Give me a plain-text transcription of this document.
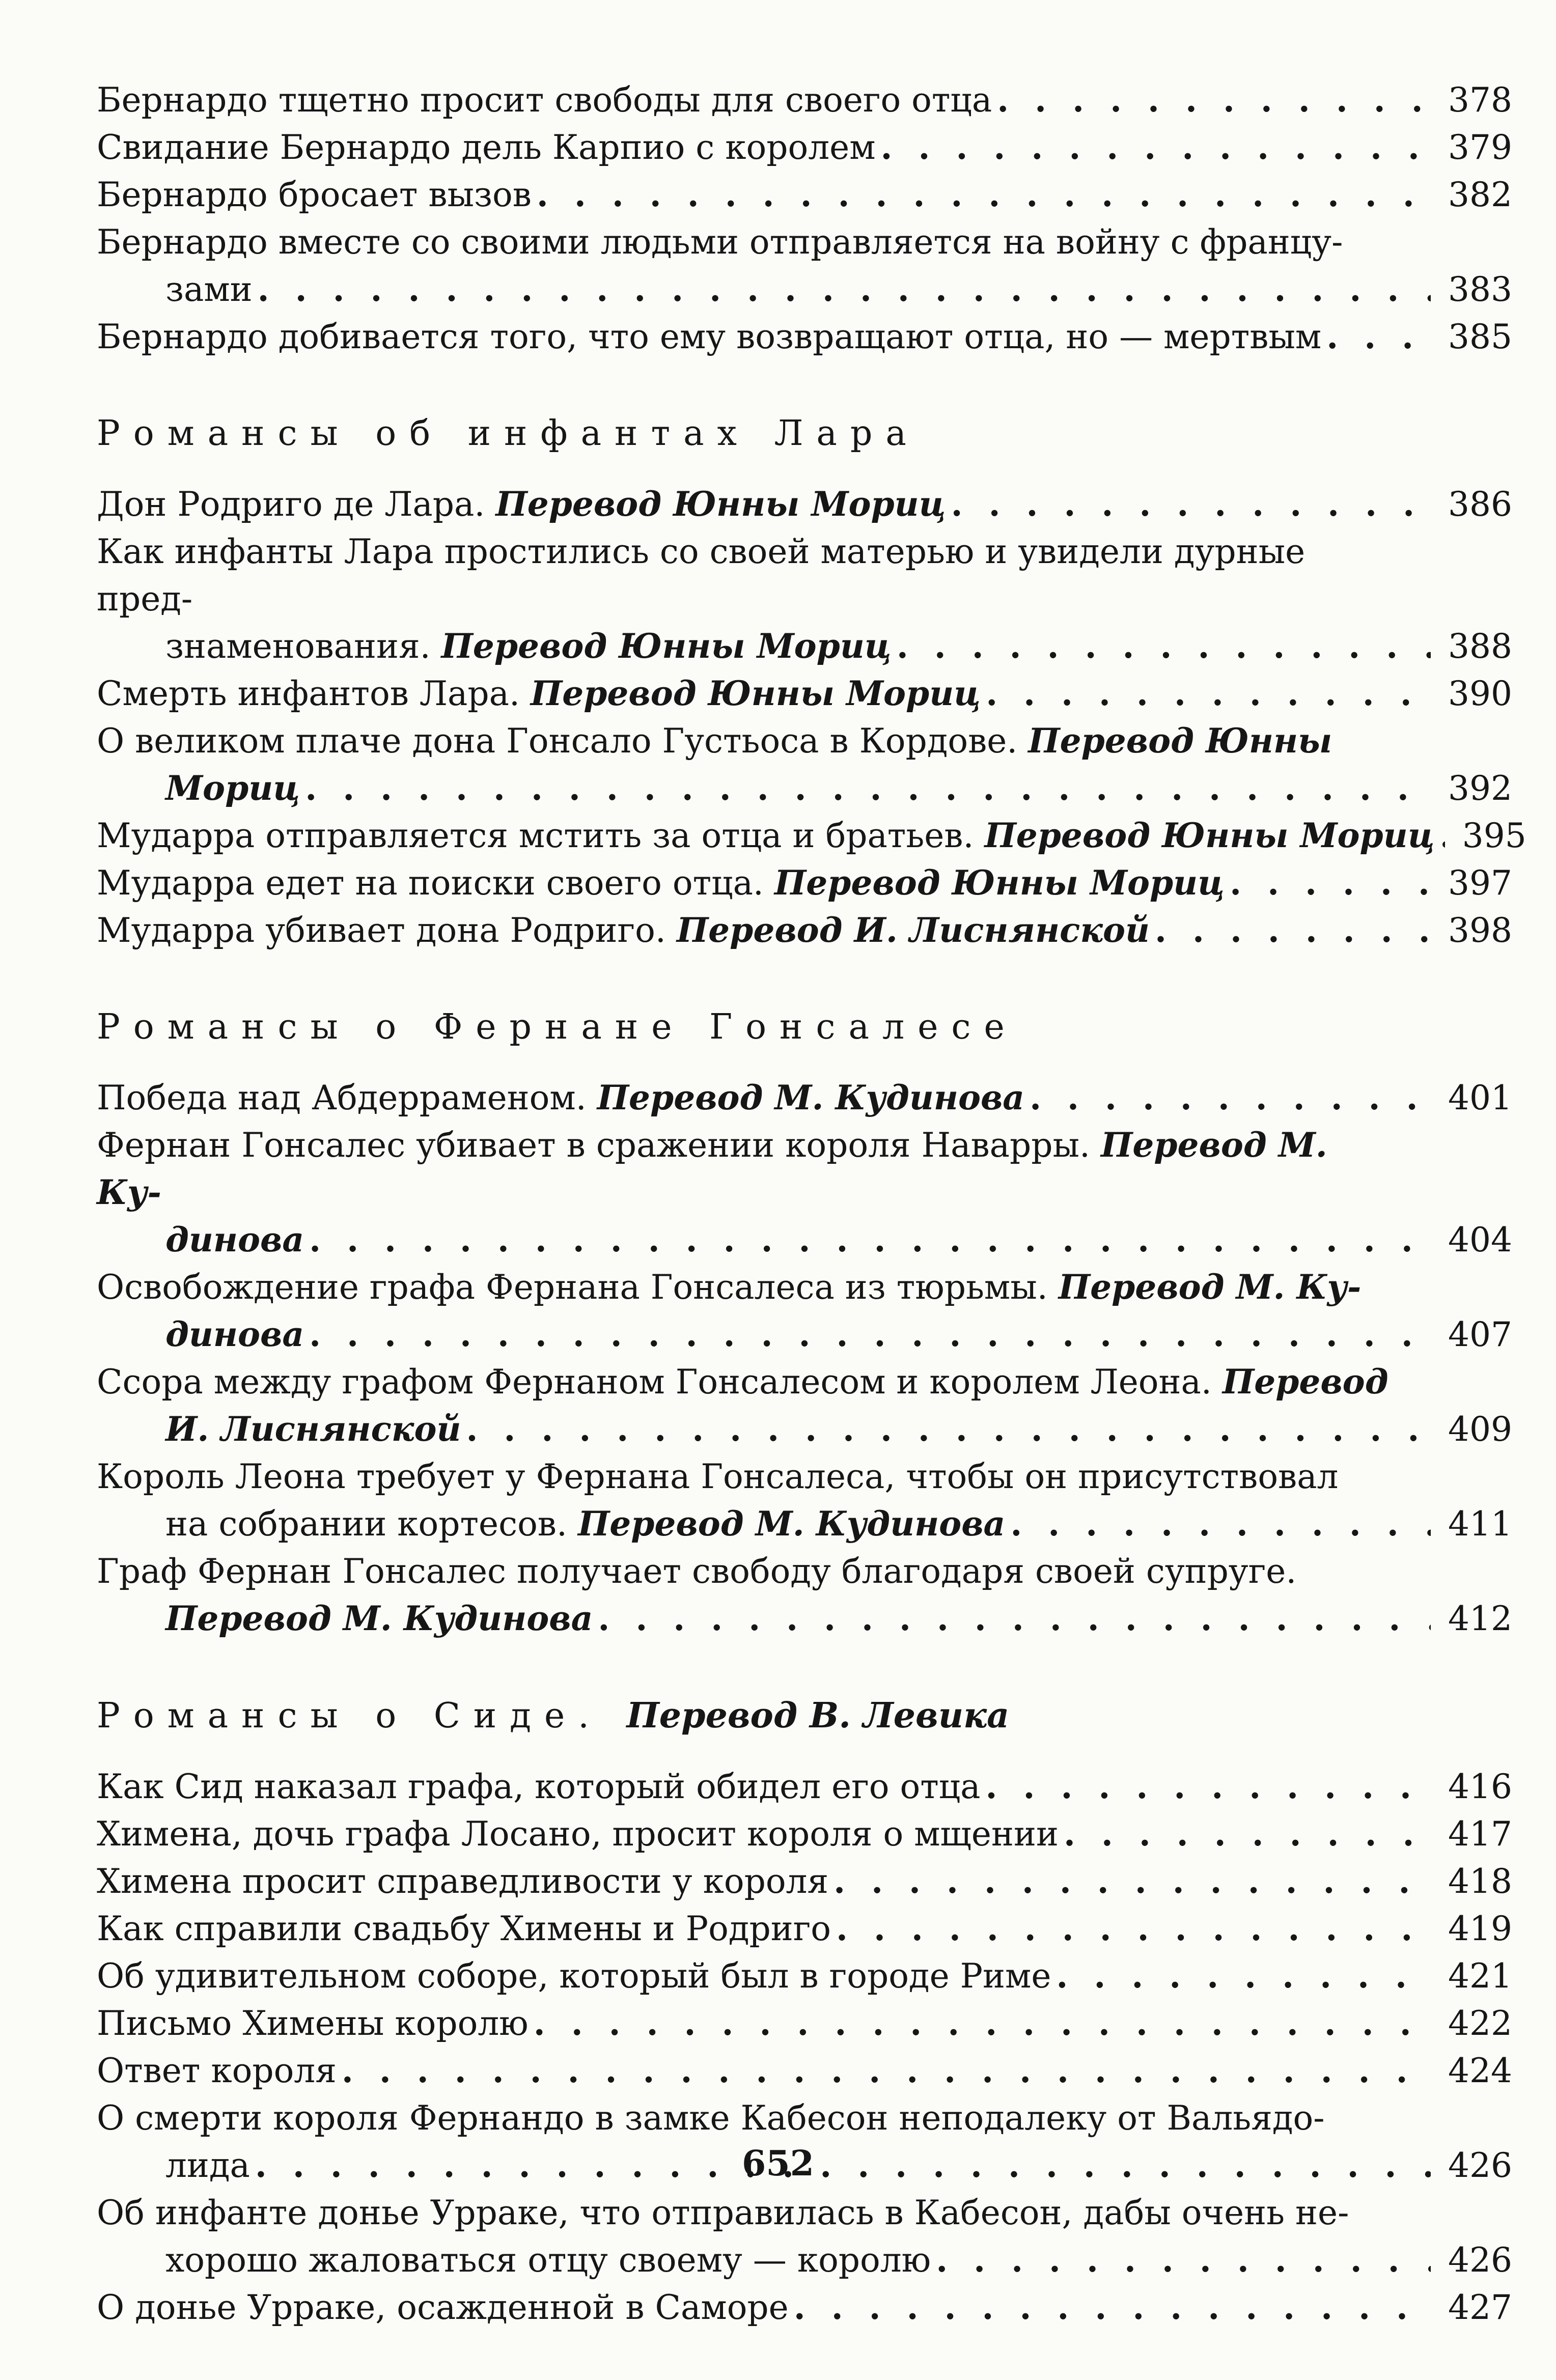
Бернардо тщетно просит свободы для своего отца . . .	378
Свидание Бернардо дель Карпио с королем . . .	379
Бернардо бросает вызов . . .	382
Бернардо вместе со своими людьми отправляется на войну с францу-
зами . . .	383
Бернардо добивается того, что ему возвращают отца, но — мертвым . . .	385
Романсы об инфантах Лара
Дон Родриго де Лара. Перевод Юнны Мориц . . .	386
Как инфанты Лара простились со своей матерью и увидели дурные пред-
знаменования. Перевод Юнны Мориц . . .	388
Смерть инфантов Лара. Перевод Юнны Мориц . . .	390
О великом плаче дона Гонсало Густьоса в Кордове. Перевод Юнны
Мориц . . .	392
Мударра отправляется мстить за отца и братьев. Перевод Юнны Мориц . . . 395
Мударра едет на поиски своего отца. Перевод Юнны Мориц . . .	397
Мударра убивает дона Родриго. Перевод И. Лиснянской . . .	398
Романсы о Фернане Гонсалесе
Победа над Абдерраменом. Перевод М. Кудинова . . .	401
Фернан Гонсалес убивает в сражении короля Наварры. Перевод М. Ку-
динова . . .	404
Освобождение графа Фернана Гонсалеса из тюрьмы. Перевод М. Ку-
динова . . .	407
Ссора между графом Фернаном Гонсалесом и королем Леона. Перевод
И. Лиснянской . . .	409
Король Леона требует у Фернана Гонсалеса, чтобы он присутствовал
на собрании кортесов. Перевод М. Кудинова . . .	411
Граф Фернан Гонсалес получает свободу благодаря своей супруге.
Перевод М. Кудинова . . .	412
Романсы о Сиде. Перевод В. Левика
Как Сид наказал графа, который обидел его отца . . .	416
Химена, дочь графа Лосано, просит короля о мщении . . .	417
Химена просит справедливости у короля . . .	418
Как справили свадьбу Химены и Родриго . . .	419
Об удивительном соборе, который был в городе Риме . . .	421
Письмо Химены королю . . .	422
Ответ короля . . .	424
О смерти короля Фернандо в замке Кабесон неподалеку от Вальядо-
лида . . .	426
Об инфанте донье Урраке, что отправилась в Кабесон, дабы очень не-
хорошо жаловаться отцу своему — королю . . .	426
О донье Урраке, осажденной в Саморе . . .	427
652
